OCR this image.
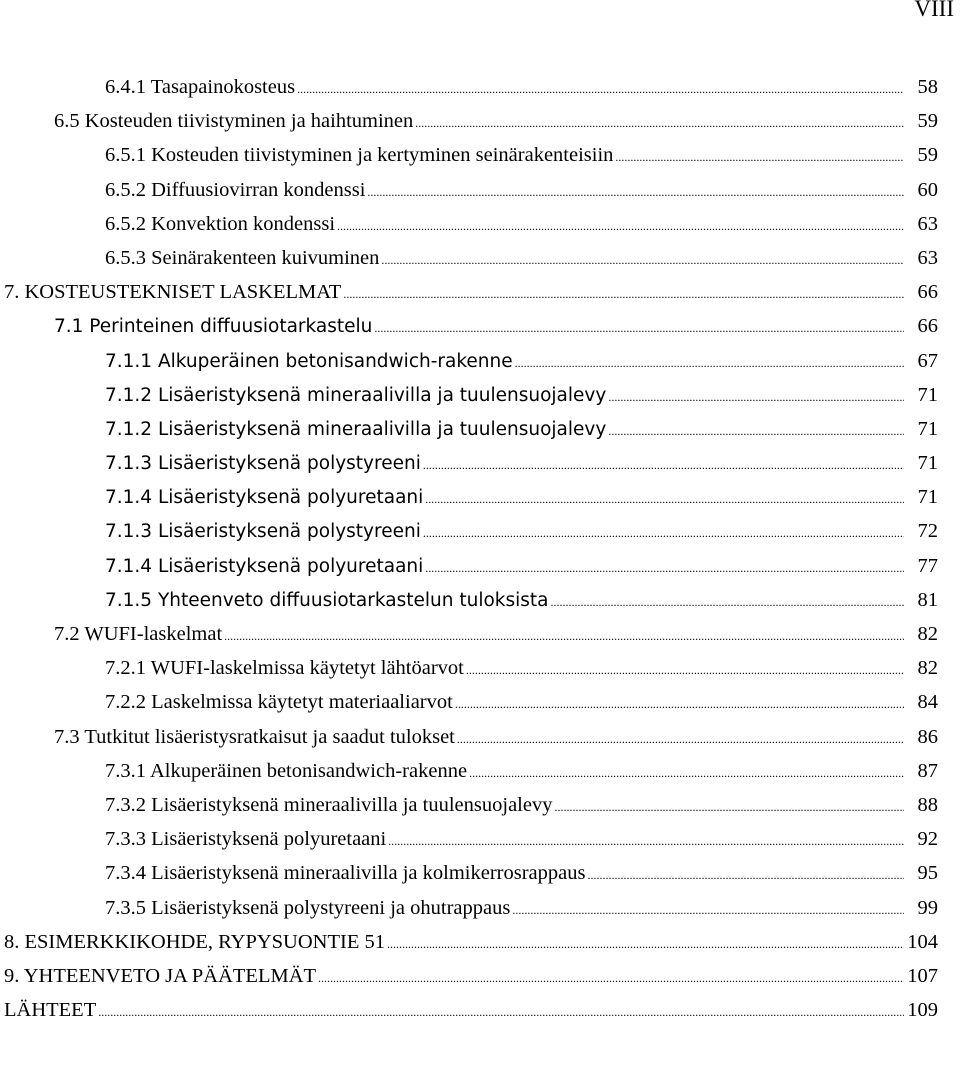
VIII
6.4.1 Tasapainokosteus .....	58
6.5 Kosteuden tiivistyminen ja haihtuminen .....	59
6.5.1 Kosteuden tiivistyminen ja kertyminen seinärakenteisiin .....	59
6.5.2 Diffuusiovirran kondenssi .....	60
6.5.2 Konvektion kondenssi .....	63
6.5.3 Seinärakenteen kuivuminen .....	63
7. KOSTEUSTEKNISET LASKELMAT .....	66
7.1 Perinteinen diffuusiotarkastelu .....	66
7.1.1 Alkuperäinen betonisandwich-rakenne .....	67
7.1.2 Lisäeristyksenä mineraalivilla ja tuulensuojalevy .....	71
7.1.2 Lisäeristyksenä mineraalivilla ja tuulensuojalevy .....	71
7.1.3 Lisäeristyksenä polystyreeni .....	71
7.1.4 Lisäeristyksenä polyuretaani .....	71
7.1.3 Lisäeristyksenä polystyreeni .....	72
7.1.4 Lisäeristyksenä polyuretaani .....	77
7.1.5 Yhteenveto diffuusiotarkastelun tuloksista .....	81
7.2 WUFI-laskelmat .....	82
7.2.1 WUFI-laskelmissa käytetyt lähtöarvot .....	82
7.2.2 Laskelmissa käytetyt materiaaliarvot .....	84
7.3 Tutkitut lisäeristysratkaisut ja saadut tulokset .....	86
7.3.1 Alkuperäinen betonisandwich-rakenne .....	87
7.3.2 Lisäeristyksenä mineraalivilla ja tuulensuojalevy .....	88
7.3.3 Lisäeristyksenä polyuretaani .....	92
7.3.4 Lisäeristyksenä mineraalivilla ja kolmikerrosrappaus .....	95
7.3.5 Lisäeristyksenä polystyreeni ja ohutrappaus .....	99
8. ESIMERKKIKOHDE, RYPYSUONTIE 51 .....	104
9. YHTEENVETO JA PÄÄTELMÄT .....	107
LÄHTEET .....	109
